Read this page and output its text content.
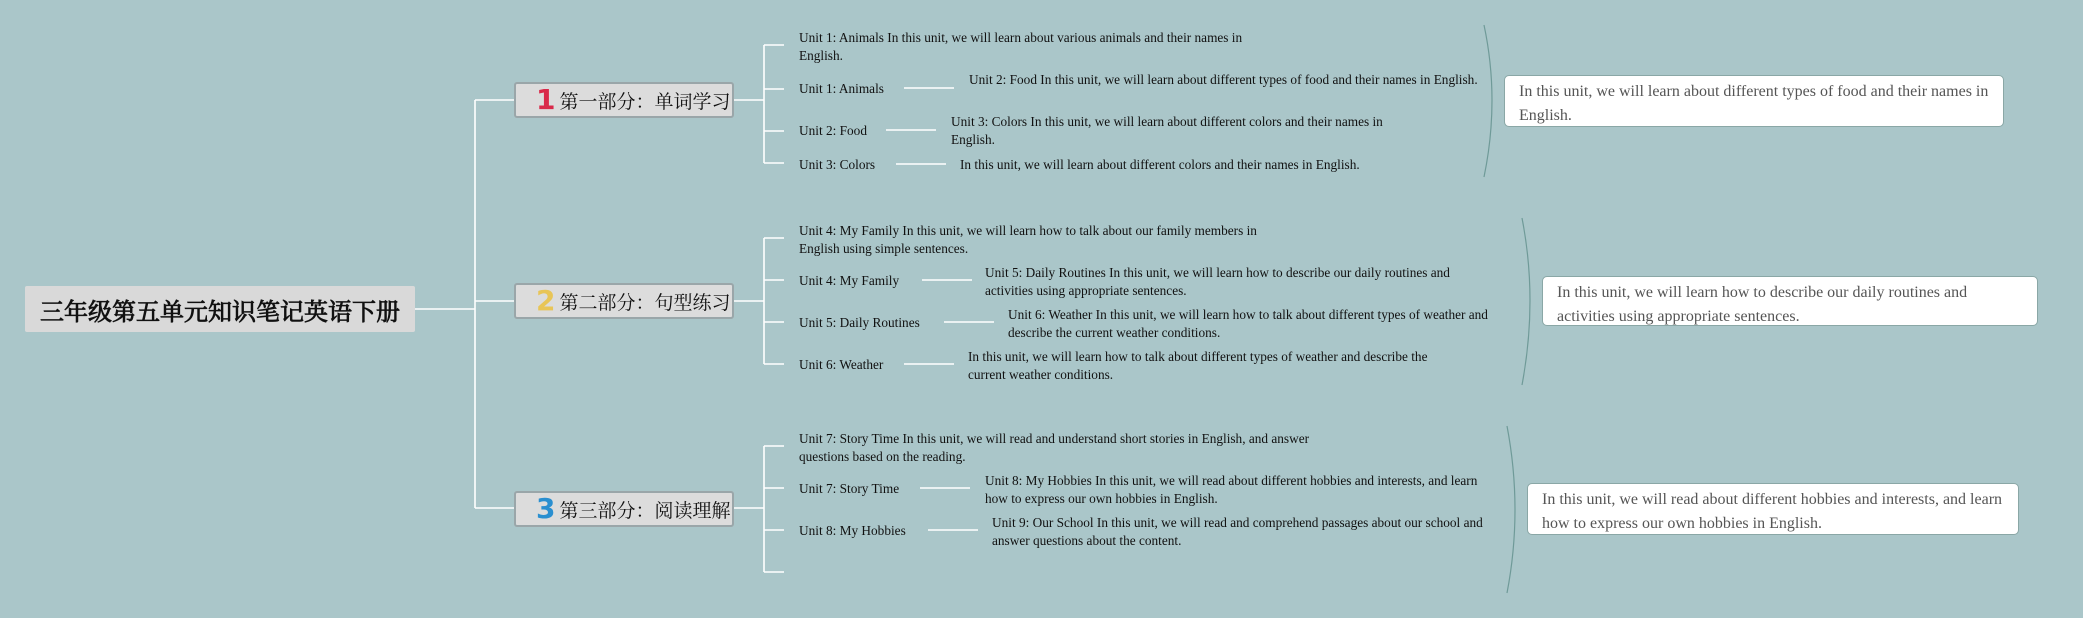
三年级第五单元知识笔记英语下册
1 第一部分：单词学习
Unit 1: Animals In this unit, we will learn about various animals and their names in English.
Unit 1: Animals
Unit 2: Food In this unit, we will learn about different types of food and their names in English.
Unit 2: Food
Unit 3: Colors In this unit, we will learn about different colors and their names in English.
Unit 3: Colors	In this unit, we will learn about different colors and their names in English.
In this unit, we will learn about different types of food and their names in English.
2 第二部分：句型练习
Unit 4: My Family In this unit, we will learn how to talk about our family members in English using simple sentences.
Unit 4: My Family
Unit 5: Daily Routines In this unit, we will learn how to describe our daily routines and activities using appropriate sentences.
Unit 5: Daily Routines
Unit 6: Weather In this unit, we will learn how to talk about different types of weather and describe the current weather conditions.
Unit 6: Weather
In this unit, we will learn how to talk about different types of weather and describe the current weather conditions.
In this unit, we will learn how to describe our daily routines and activities using appropriate sentences.
3 第三部分：阅读理解
Unit 7: Story Time In this unit, we will read and understand short stories in English, and answer questions based on the reading.
Unit 7: Story Time
Unit 8: My Hobbies In this unit, we will read about different hobbies and interests, and learn how to express our own hobbies in English.
Unit 8: My Hobbies
Unit 9: Our School In this unit, we will read and comprehend passages about our school and answer questions about the content.
In this unit, we will read about different hobbies and interests, and learn how to express our own hobbies in English.
